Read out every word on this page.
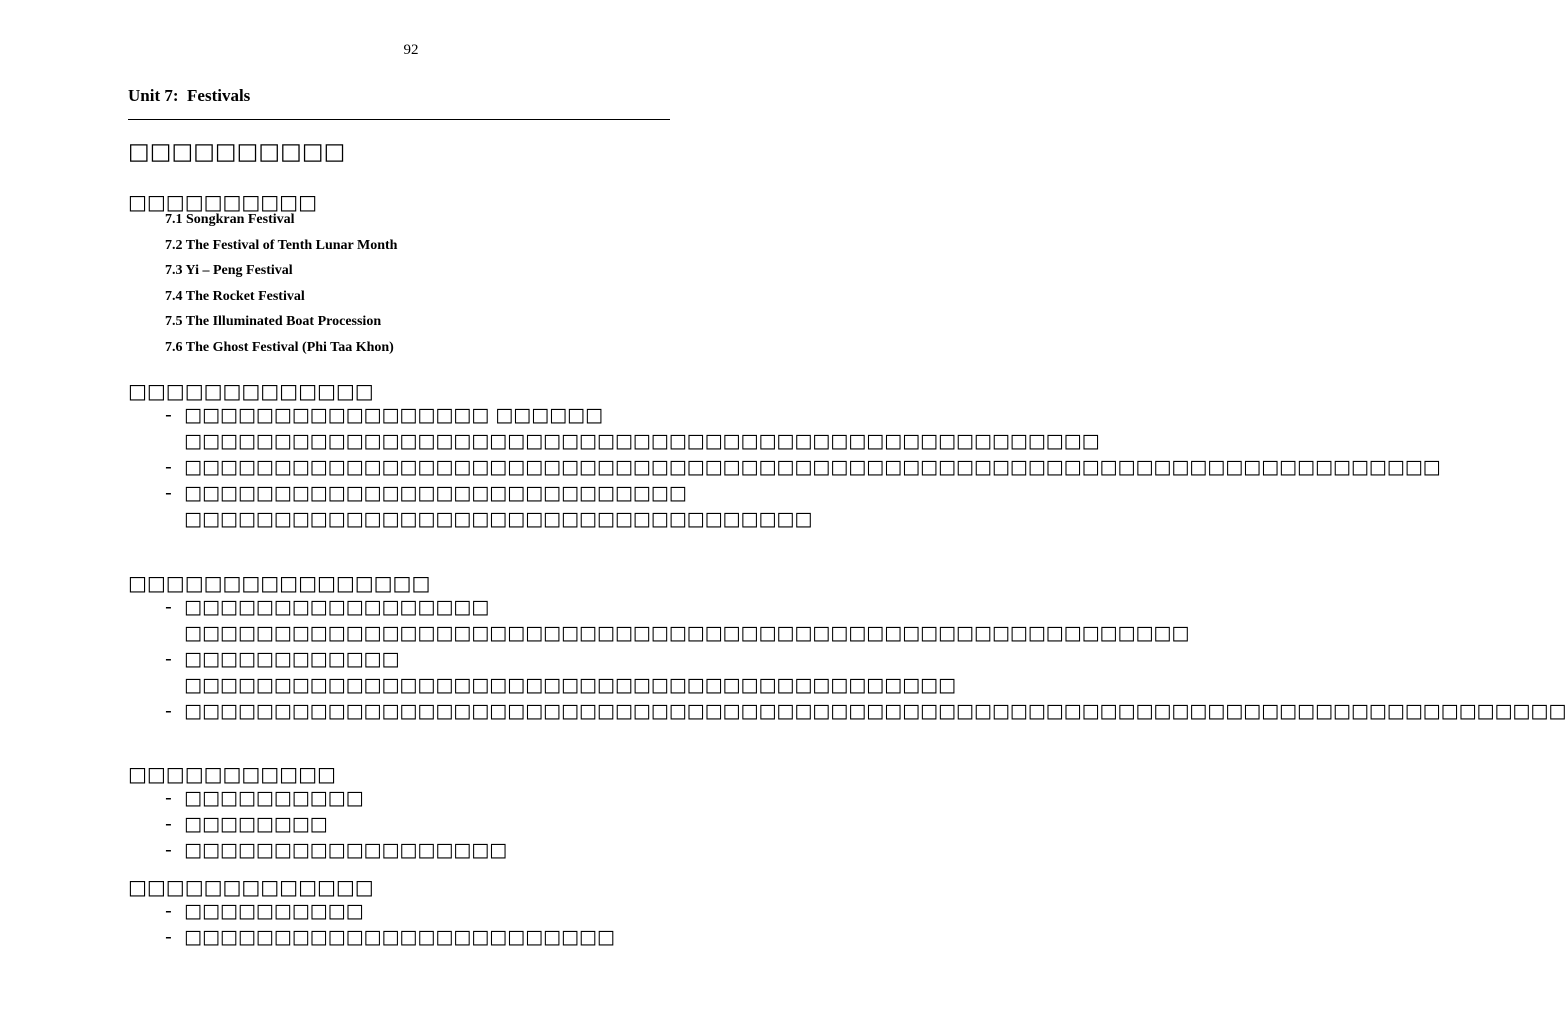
92
Unit 7:  Festivals
□□□□□□□□□□
□□□□□□□□□□
7.1 Songkran Festival
7.2 The Festival of Tenth Lunar Month
7.3 Yi – Peng Festival
7.4 The Rocket Festival
7.5 The Illuminated Boat Procession
7.6 The Ghost Festival (Phi Taa Khon)
□□□□□□□□□□□□□
- □□□□□□□□□□□□□□□□□ □□□□□□ □□□□□□□□□□□□□□□□□□□□□□□□□□□□□□□□□□□□□□□□□□□□□□□□□□□
- □□□□□□□□□□□□□□□□□□□□□□□□□□□□□□□□□□□□□□□□□□□□□□□□□□□□□□□□□□□□□□□□□□□□□□
- □□□□□□□□□□□□□□□□□□□□□□□□□□□□ □□□□□□□□□□□□□□□□□□□□□□□□□□□□□□□□□□□
□□□□□□□□□□□□□□□□
- □□□□□□□□□□□□□□□□□ □□□□□□□□□□□□□□□□□□□□□□□□□□□□□□□□□□□□□□□□□□□□□□□□□□□□□□□□
- □□□□□□□□□□□□ □□□□□□□□□□□□□□□□□□□□□□□□□□□□□□□□□□□□□□□□□□□
- □□□□□□□□□□□□□□□□□□□□□□□□□□□□□□□□□□□□□□□□□□□□□□□□□□□□□□□□□□□□□□□□□□□□□□□□□□□□□
□□□□□□□□□□□
- □□□□□□□□□□
- □□□□□□□□
- □□□□□□□□□□□□□□□□□□
□□□□□□□□□□□□□
- □□□□□□□□□□
- □□□□□□□□□□□□□□□□□□□□□□□□
